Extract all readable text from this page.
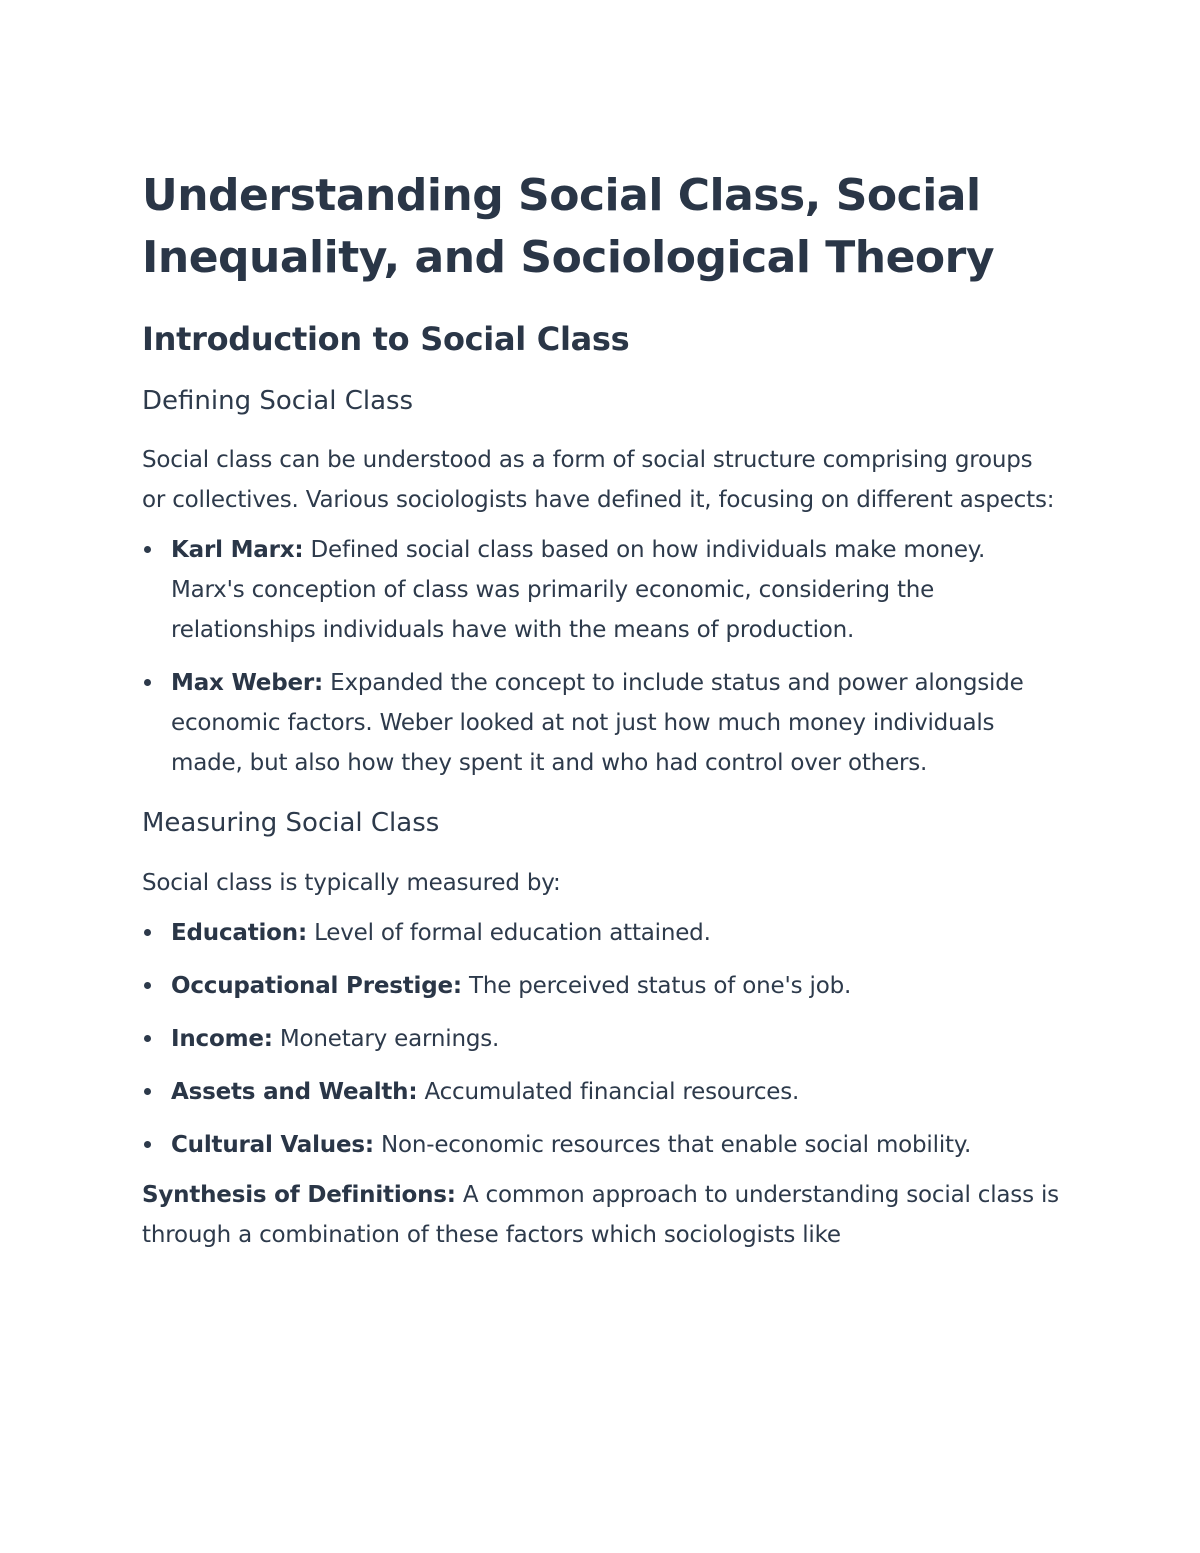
Understanding Social Class, Social Inequality, and Sociological Theory
Introduction to Social Class
Defining Social Class

Social class can be understood as a form of social structure comprising groups or collectives. Various sociologists have defined it, focusing on different aspects:

Karl Marx: Defined social class based on how individuals make money. Marx's conception of class was primarily economic, considering the relationships individuals have with the means of production.
Max Weber: Expanded the concept to include status and power alongside economic factors. Weber looked at not just how much money individuals made, but also how they spent it and who had control over others.
Measuring Social Class

Social class is typically measured by:

Education: Level of formal education attained.
Occupational Prestige: The perceived status of one's job.
Income: Monetary earnings.
Assets and Wealth: Accumulated financial resources.
Cultural Values: Non-economic resources that enable social mobility.

Synthesis of Definitions: A common approach to understanding social class is through a combination of these factors which sociologists like
